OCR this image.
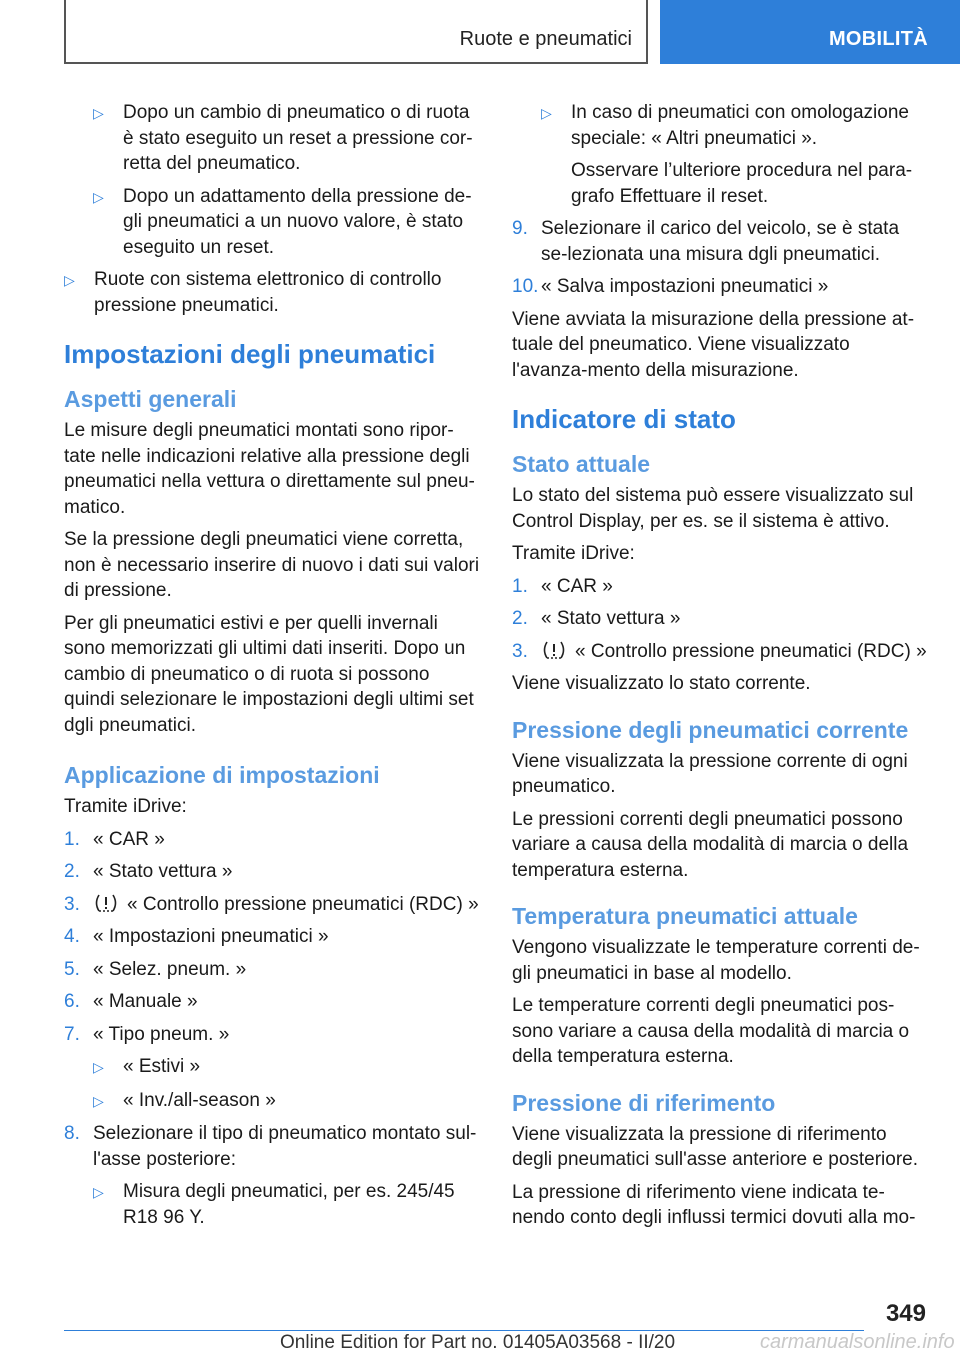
Ruote e pneumatici	MOBILITÀ
▷	Dopo un cambio di pneumatico o di ruota è stato eseguito un reset a pressione cor-retta del pneumatico.
▷	Dopo un adattamento della pressione de-gli pneumatici a un nuovo valore, è stato eseguito un reset.
▷	Ruote con sistema elettronico di controllo pressione pneumatici.
Impostazioni degli pneumatici
Aspetti generali

Le misure degli pneumatici montati sono ripor-tate nelle indicazioni relative alla pressione degli pneumatici nella vettura o direttamente sul pneu-matico.

Se la pressione degli pneumatici viene corretta, non è necessario inserire di nuovo i dati sui valori di pressione.

Per gli pneumatici estivi e per quelli invernali sono memorizzati gli ultimi dati inseriti. Dopo un cambio di pneumatico o di ruota si possono quindi selezionare le impostazioni degli ultimi set dgli pneumatici.

Applicazione di impostazioni

Tramite iDrive:

1. « CAR »
2. « Stato vettura »
3.	« Controllo pressione pneumatici (RDC) »
4. « Impostazioni pneumatici »
5. « Selez. pneum. »
6. « Manuale »
7. « Tipo pneum. »
▷	« Estivi »
▷	« Inv./all-season »
8. Selezionare il tipo di pneumatico montato sul-l'asse posteriore:
▷	Misura degli pneumatici, per es. 245/45 R18 96 Y.
▷	In caso di pneumatici con omologazione speciale: « Altri pneumatici ».

Osservare l’ulteriore procedura nel para-grafo Effettuare il reset.

9. Selezionare il carico del veicolo, se è stata se-lezionata una misura dgli pneumatici.
10. « Salva impostazioni pneumatici »

Viene avviata la misurazione della pressione at-tuale del pneumatico. Viene visualizzato l'avanza-mento della misurazione.

Indicatore di stato
Stato attuale

Lo stato del sistema può essere visualizzato sul Control Display, per es. se il sistema è attivo.

Tramite iDrive:

1. « CAR »
2. « Stato vettura »
3.	« Controllo pressione pneumatici (RDC) »

Viene visualizzato lo stato corrente.

Pressione degli pneumatici corrente

Viene visualizzata la pressione corrente di ogni pneumatico.

Le pressioni correnti degli pneumatici possono variare a causa della modalità di marcia o della temperatura esterna.

Temperatura pneumatici attuale

Vengono visualizzate le temperature correnti de-gli pneumatici in base al modello.

Le temperature correnti degli pneumatici pos-sono variare a causa della modalità di marcia o della temperatura esterna.

Pressione di riferimento

Viene visualizzata la pressione di riferimento degli pneumatici sull'asse anteriore e posteriore.

La pressione di riferimento viene indicata te-nendo conto degli influssi termici dovuti alla mo-

349
Online Edition for Part no. 01405A03568 - II/20	carmanualsonline.info
